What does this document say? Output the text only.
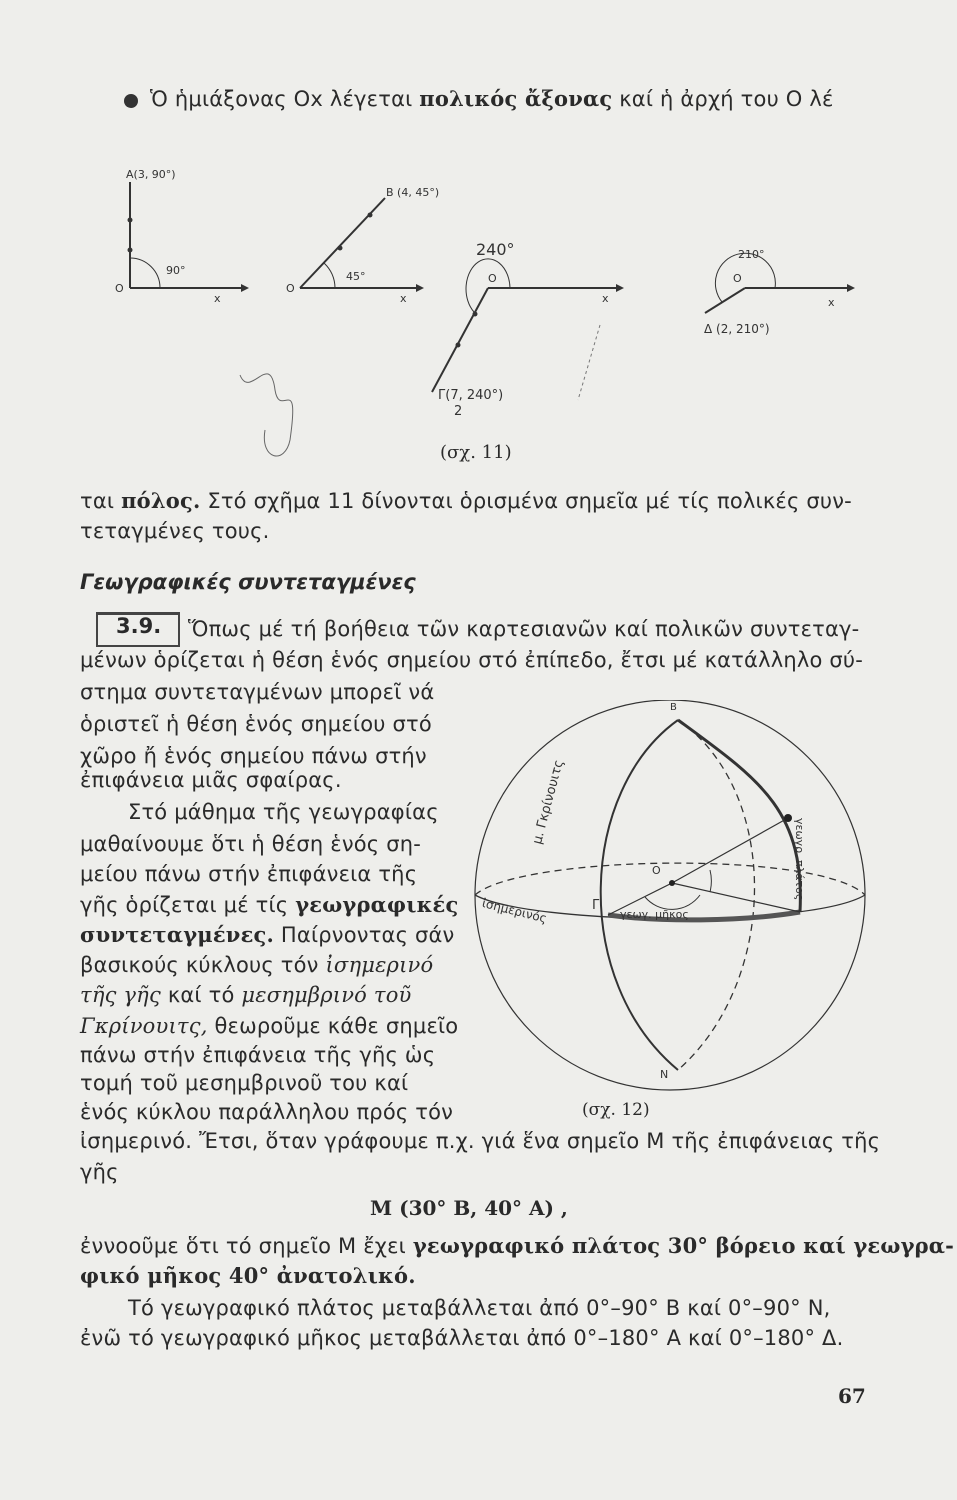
Ὁ ἡμιάξονας Ox λέγεται πολικός ἄξονας καί ἡ ἀρχή του O λέ
A(3, 90°)
B (4, 45°)
90°	45°
240°	210°
O	O
O	O
x	x	x	x
Δ (2, 210°)
Γ(7, 240°)
2
(σχ. 11)
ται πόλος. Στό σχῆμα 11 δίνονται ὁρισμένα σημεῖα μέ τίς πολικές συν-
τεταγμένες τους.
Γεωγραφικές συντεταγμένες
3.9. Ὅπως μέ τή βοήθεια τῶν καρτεσιανῶν καί πολικῶν συντεταγ-
μένων ὁρίζεται ἡ θέση ἑνός σημείου στό ἐπίπεδο, ἔτσι μέ κατάλληλο σύ-
στημα συντεταγμένων μπορεῖ νά
ὁριστεῖ ἡ θέση ἑνός σημείου στό
χῶρο ἤ ἑνός σημείου πάνω στήν
ἐπιφάνεια μιᾶς σφαίρας.
Στό μάθημα τῆς γεωγραφίας
μαθαίνουμε ὅτι ἡ θέση ἑνός ση-
μείου πάνω στήν ἐπιφάνεια τῆς
γῆς ὁρίζεται μέ τίς γεωγραφικές
συντεταγμένες. Παίρνοντας σάν
βασικούς κύκλους τόν ἰσημερινό
τῆς γῆς καί τό μεσημβρινό τοῦ
Γκρίνουιτς, θεωροῦμε κάθε σημεῖο
πάνω στήν ἐπιφάνεια τῆς γῆς ὡς
τομή τοῦ μεσημβρινοῦ του καί
ἑνός κύκλου παράλληλου πρός τόν
ἰσημερινό. Ἔτσι, ὅταν γράφουμε π.χ. γιά ἕνα σημεῖο M τῆς ἐπιφάνειας τῆς
γῆς
B
N
O
Γ
μ. Γκρίνουιτς
ἰσημερινός
γεωγρ. πλάτος
γεωγ. μῆκος
(σχ. 12)
M (30° B, 40° A) ,
ἐννοοῦμε ὅτι τό σημεῖο M ἔχει γεωγραφικό πλάτος 30° βόρειο καί γεωγρα-
φικό μῆκος 40° ἀνατολικό.
Τό γεωγραφικό πλάτος μεταβάλλεται ἀπό 0°–90° B καί 0°–90° N,
ἐνῶ τό γεωγραφικό μῆκος μεταβάλλεται ἀπό 0°–180° A καί 0°–180° Δ.
67
